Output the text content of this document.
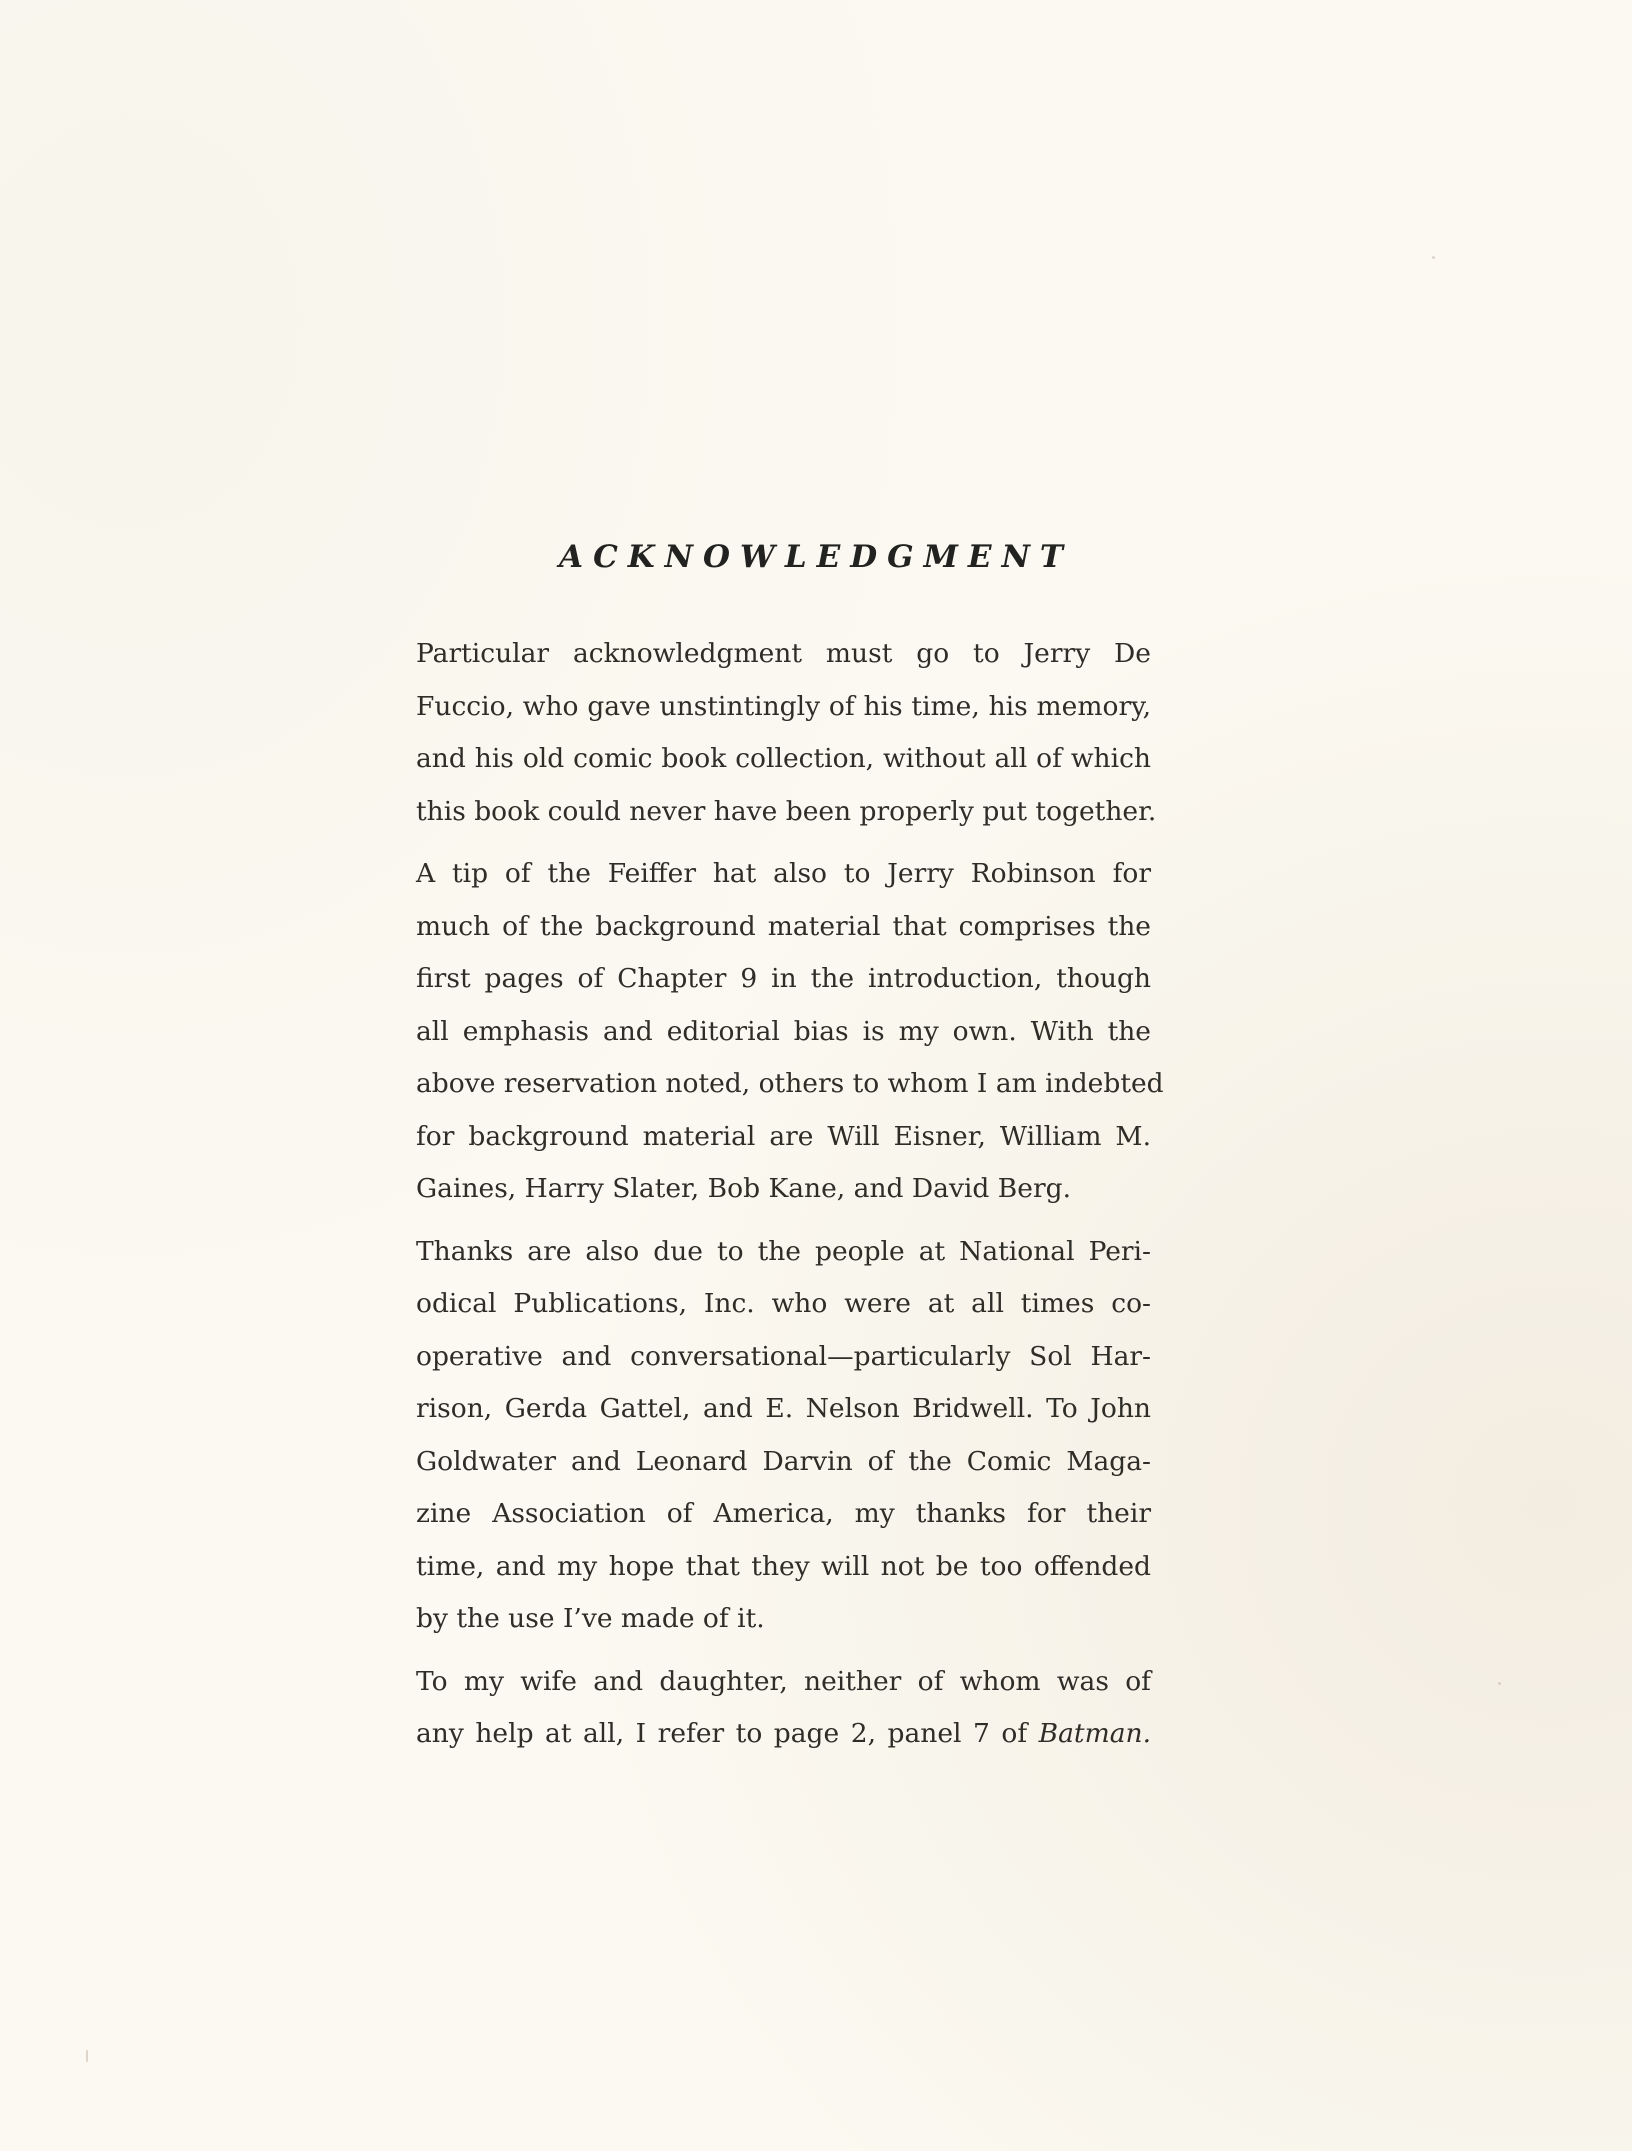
ACKNOWLEDGMENT

Particular acknowledgment must go to Jerry De
Fuccio, who gave unstintingly of his time, his memory,
and his old comic book collection, without all of which
this book could never have been properly put together.

A tip of the Feiffer hat also to Jerry Robinson for
much of the background material that comprises the
first pages of Chapter 9 in the introduction, though
all emphasis and editorial bias is my own. With the
above reservation noted, others to whom I am indebted
for background material are Will Eisner, William M.
Gaines, Harry Slater, Bob Kane, and David Berg.

Thanks are also due to the people at National Peri-
odical Publications, Inc. who were at all times co-
operative and conversational—particularly Sol Har-
rison, Gerda Gattel, and E. Nelson Bridwell. To John
Goldwater and Leonard Darvin of the Comic Maga-
zine Association of America, my thanks for their
time, and my hope that they will not be too offended
by the use I’ve made of it.

To my wife and daughter, neither of whom was of
any help at all, I refer to page 2, panel 7 of Batman.
